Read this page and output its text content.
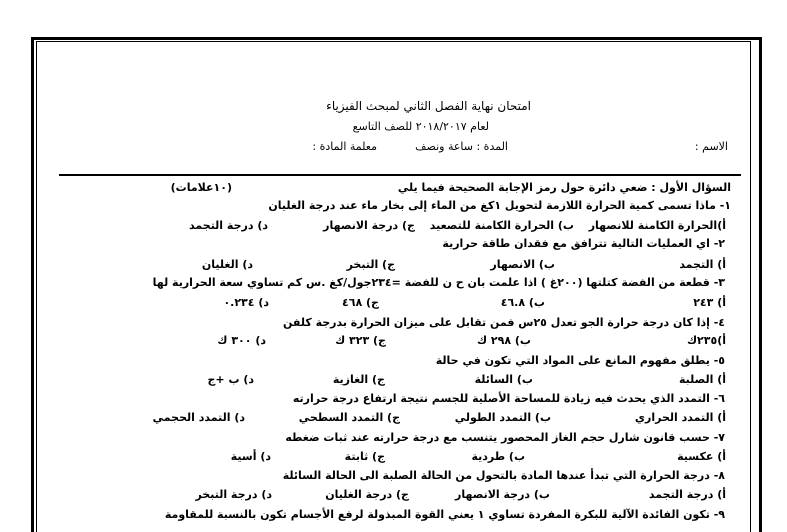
امتحان نهاية الفصل الثاني لمبحث الفيزياء
لعام ٢٠١٨/٢٠١٧ للصف التاسع
الاسم :
المدة : ساعة ونصف
معلمة المادة :
السؤال الأول : ضعي دائرة حول رمز الإجابة الصحيحة فيما يلي
(١٠علامات)
١- ماذا تسمى كمية الحرارة اللازمة لتحويل ١كغ من الماء إلى بخار ماء عند درجة الغليان
أ)الحرارة الكامنة للانصهار
ب) الحرارة الكامنة للتصعيد
ج) درجة الانصهار
د) درجة التجمد
٢- اي العمليات التالية تترافق مع فقدان طاقة حرارية
أ) التجمد
ب) الانصهار
ج) التبخر
د) الغليان
٣- قطعة من الفضة كتلتها (٢٠٠غ ) اذا علمت بان ح ن للفضة =٢٣٤جول/كغ .س كم تساوي سعة الحرارية لها
أ) ٢٤٣
ب) ٤٦.٨
ج) ٤٦٨
د) ٠.٢٣٤
٤- إذا كان درجة حرارة الجو تعدل ٢٥س فمن تقابل على ميزان الحرارة بدرجة كلفن
أ)٢٣٥ك
ب) ٢٩٨ ك
ج) ٣٢٣ ك
د) ٣٠٠ ك
٥- يطلق مفهوم المانع على المواد التي تكون في حالة
أ) الصلبة
ب) السائلة
ج) الغازية
د) ب +ج
٦- التمدد الذي يحدث فيه زيادة للمساحة الأصلية للجسم نتيجة ارتفاع درجة حرارته
أ) التمدد الحراري
ب) التمدد الطولي
ج) التمدد السطحي
د) التمدد الحجمي
٧- حسب قانون شارل حجم الغاز المحصور يتنسب مع درجة حرارته عند ثبات ضغطه
أ) عكسية
ب) طردية
ج) ثابتة
د) أسية
٨- درجة الحرارة التي تبدأ عندها المادة بالتحول من الحالة الصلبة الى الحالة السائلة
أ) درجة التجمد
ب) درجة الانصهار
ج) درجة الغليان
د) درجة التبخر
٩- تكون الفائدة الآلية للبكرة المفردة تساوي ١ يعني القوة المبذولة لرفع الأجسام تكون بالنسبة للمقاومة
